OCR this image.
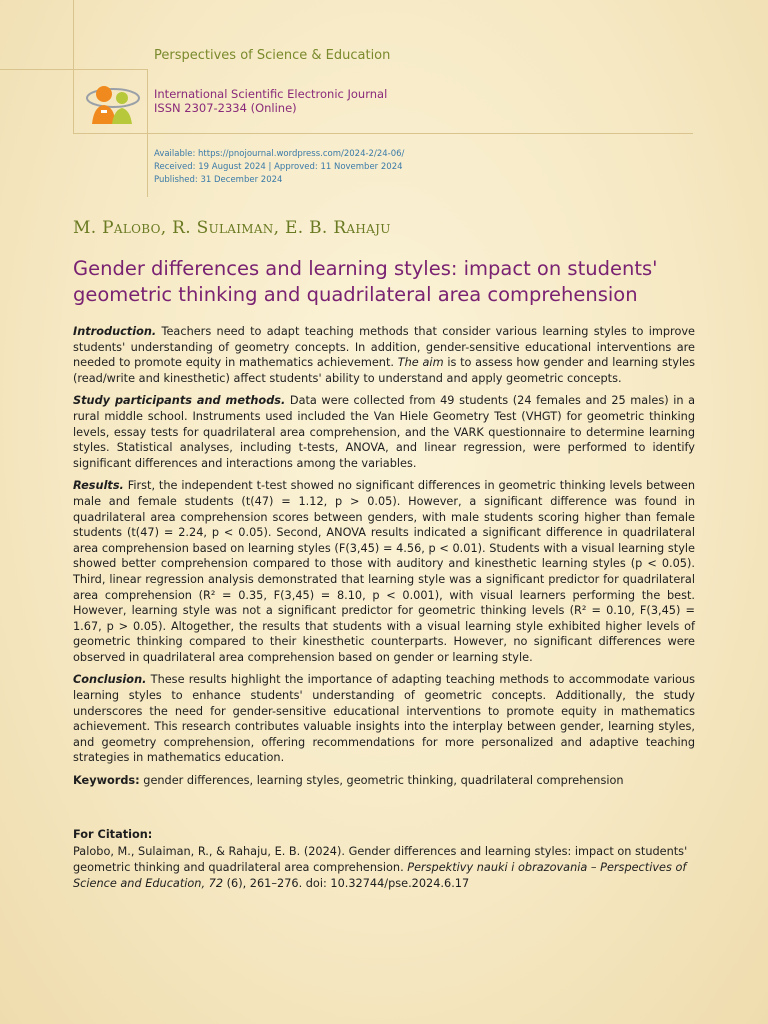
Perspectives of Science & Education
International Scientific Electronic Journal
ISSN 2307-2334 (Online)
Available: https://pnojournal.wordpress.com/2024-2/24-06/
Received: 19 August 2024 | Approved: 11 November 2024
Published: 31 December 2024
M. Palobo, R. Sulaiman, E. B. Rahaju
Gender differences and learning styles: impact on students' geometric thinking and quadrilateral area comprehension

Introduction. Teachers need to adapt teaching methods that consider various learning styles to improve students' understanding of geometry concepts. In addition, gender-sensitive educational interventions are needed to promote equity in mathematics achievement. The aim is to assess how gender and learning styles (read/write and kinesthetic) affect students' ability to understand and apply geometric concepts.

Study participants and methods. Data were collected from 49 students (24 females and 25 males) in a rural middle school. Instruments used included the Van Hiele Geometry Test (VHGT) for geometric thinking levels, essay tests for quadrilateral area comprehension, and the VARK questionnaire to determine learning styles. Statistical analyses, including t-tests, ANOVA, and linear regression, were performed to identify significant differences and interactions among the variables.

Results. First, the independent t-test showed no significant differences in geometric thinking levels between male and female students (t(47) = 1.12, p > 0.05). However, a significant difference was found in quadrilateral area comprehension scores between genders, with male students scoring higher than female students (t(47) = 2.24, p < 0.05). Second, ANOVA results indicated a significant difference in quadrilateral area comprehension based on learning styles (F(3,45) = 4.56, p < 0.01). Students with a visual learning style showed better comprehension compared to those with auditory and kinesthetic learning styles (p < 0.05). Third, linear regression analysis demonstrated that learning style was a significant predictor for quadrilateral area comprehension (R² = 0.35, F(3,45) = 8.10, p < 0.001), with visual learners performing the best. However, learning style was not a significant predictor for geometric thinking levels (R² = 0.10, F(3,45) = 1.67, p > 0.05). Altogether, the results that students with a visual learning style exhibited higher levels of geometric thinking compared to their kinesthetic counterparts. However, no significant differences were observed in quadrilateral area comprehension based on gender or learning style.

Conclusion. These results highlight the importance of adapting teaching methods to accommodate various learning styles to enhance students' understanding of geometric concepts. Additionally, the study underscores the need for gender-sensitive educational interventions to promote equity in mathematics achievement. This research contributes valuable insights into the interplay between gender, learning styles, and geometry comprehension, offering recommendations for more personalized and adaptive teaching strategies in mathematics education.

Keywords: gender differences, learning styles, geometric thinking, quadrilateral comprehension

For Citation:
Palobo, M., Sulaiman, R., & Rahaju, E. B. (2024). Gender differences and learning styles: impact on students' geometric thinking and quadrilateral area comprehension. Perspektivy nauki i obrazovania – Perspectives of Science and Education, 72 (6), 261–276. doi: 10.32744/pse.2024.6.17
